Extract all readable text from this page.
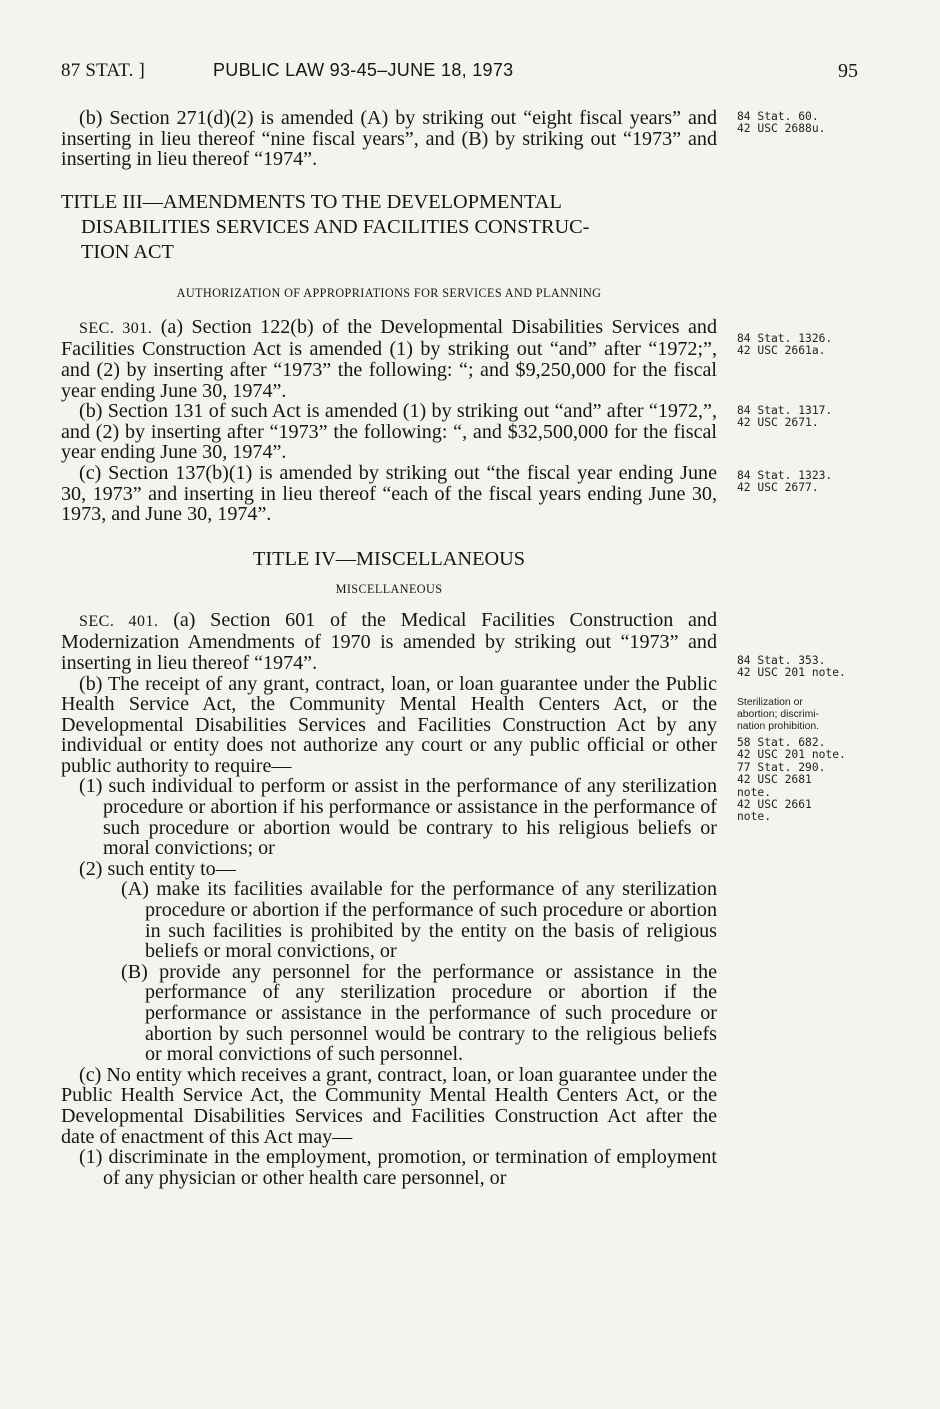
87 STAT. ]	PUBLIC LAW 93-45–JUNE 18, 1973	95

(b) Section 271(d)(2) is amended (A) by striking out “eight fiscal years” and inserting in lieu thereof “nine fiscal years”, and (B) by striking out “1973” and inserting in lieu thereof “1974”.

TITLE III—AMENDMENTS TO THE DEVELOPMENTAL

DISABILITIES SERVICES AND FACILITIES CONSTRUC-
TION ACT
AUTHORIZATION OF APPROPRIATIONS FOR SERVICES AND PLANNING

SEC. 301. (a) Section 122(b) of the Developmental Disabilities Services and Facilities Construction Act is amended (1) by striking out “and” after “1972;”, and (2) by inserting after “1973” the following: “; and $9,250,000 for the fiscal year ending June 30, 1974”.

(b) Section 131 of such Act is amended (1) by striking out “and” after “1972,”, and (2) by inserting after “1973” the following: “, and $32,500,000 for the fiscal year ending June 30, 1974”.

(c) Section 137(b)(1) is amended by striking out “the fiscal year ending June 30, 1973” and inserting in lieu thereof “each of the fiscal years ending June 30, 1973, and June 30, 1974”.

TITLE IV—MISCELLANEOUS
MISCELLANEOUS

SEC. 401. (a) Section 601 of the Medical Facilities Construction and Modernization Amendments of 1970 is amended by striking out “1973” and inserting in lieu thereof “1974”.

(b) The receipt of any grant, contract, loan, or loan guarantee under the Public Health Service Act, the Community Mental Health Centers Act, or the Developmental Disabilities Services and Facilities Construction Act by any individual or entity does not authorize any court or any public official or other public authority to require—

(1) such individual to perform or assist in the performance of any sterilization procedure or abortion if his performance or assistance in the performance of such procedure or abortion would be contrary to his religious beliefs or moral convictions; or

(2) such entity to—

(A) make its facilities available for the performance of any sterilization procedure or abortion if the performance of such procedure or abortion in such facilities is prohibited by the entity on the basis of religious beliefs or moral convictions, or

(B) provide any personnel for the performance or assistance in the performance of any sterilization procedure or abortion if the performance or assistance in the performance of such procedure or abortion by such personnel would be contrary to the religious beliefs or moral convictions of such personnel.

(c) No entity which receives a grant, contract, loan, or loan guarantee under the Public Health Service Act, the Community Mental Health Centers Act, or the Developmental Disabilities Services and Facilities Construction Act after the date of enactment of this Act may—

(1) discriminate in the employment, promotion, or termination of employment of any physician or other health care personnel, or

84 Stat. 60.
42 USC 2688u.
84 Stat. 1326.
42 USC 2661a.
84 Stat. 1317.
42 USC 2671.
84 Stat. 1323.
42 USC 2677.
84 Stat. 353.
42 USC 201 note.
Sterilization or
abortion; discrimi-
nation prohibition.
58 Stat. 682.
42 USC 201 note.
77 Stat. 290.
42 USC 2681
note.
42 USC 2661
note.
